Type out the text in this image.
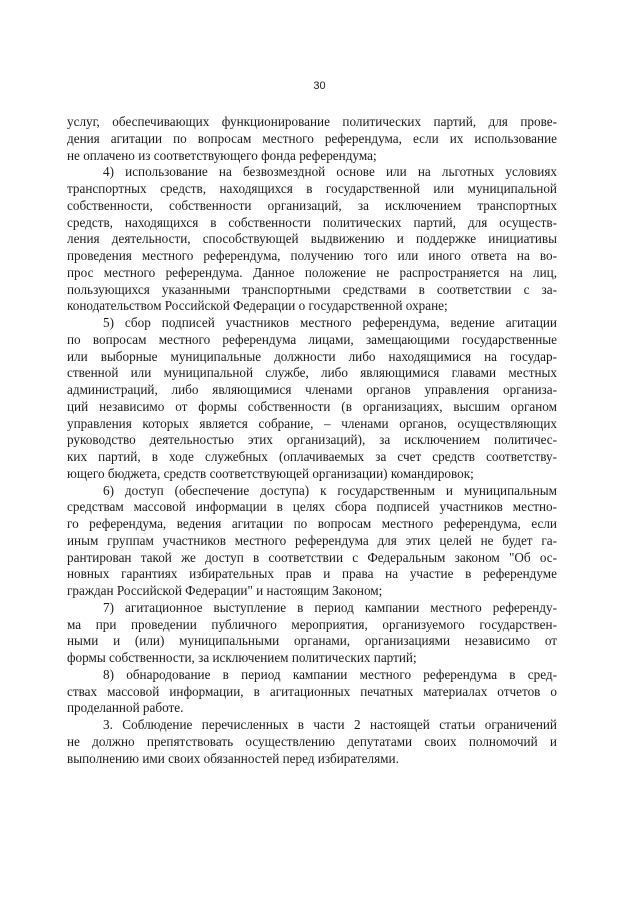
30
услуг, обеспечивающих функционирование политических партий, для прове-
дения агитации по вопросам местного референдума, если их использование
не оплачено из соответствующего фонда референдума;
4) использование на безвозмездной основе или на льготных условиях
транспортных средств, находящихся в государственной или муниципальной
собственности, собственности организаций, за исключением транспортных
средств, находящихся в собственности политических партий, для осуществ-
ления деятельности, способствующей выдвижению и поддержке инициативы
проведения местного референдума, получению того или иного ответа на во-
прос местного референдума. Данное положение не распространяется на лиц,
пользующихся указанными транспортными средствами в соответствии с за-
конодательством Российской Федерации о государственной охране;
5) сбор подписей участников местного референдума, ведение агитации
по вопросам местного референдума лицами, замещающими государственные
или выборные муниципальные должности либо находящимися на государ-
ственной или муниципальной службе, либо являющимися главами местных
администраций, либо являющимися членами органов управления организа-
ций независимо от формы собственности (в организациях, высшим органом
управления которых является собрание, – членами органов, осуществляющих
руководство деятельностью этих организаций), за исключением политичес-
ких партий, в ходе служебных (оплачиваемых за счет средств соответству-
ющего бюджета, средств соответствующей организации) командировок;
6) доступ (обеспечение доступа) к государственным и муниципальным
средствам массовой информации в целях сбора подписей участников местно-
го референдума, ведения агитации по вопросам местного референдума, если
иным группам участников местного референдума для этих целей не будет га-
рантирован такой же доступ в соответствии с Федеральным законом "Об ос-
новных гарантиях избирательных прав и права на участие в референдуме
граждан Российской Федерации" и настоящим Законом;
7) агитационное выступление в период кампании местного референду-
ма при проведении публичного мероприятия, организуемого государствен-
ными и (или) муниципальными органами, организациями независимо от
формы собственности, за исключением политических партий;
8) обнародование в период кампании местного референдума в сред-
ствах массовой информации, в агитационных печатных материалах отчетов о
проделанной работе.
3. Соблюдение перечисленных в части 2 настоящей статьи ограничений
не должно препятствовать осуществлению депутатами своих полномочий и
выполнению ими своих обязанностей перед избирателями.
